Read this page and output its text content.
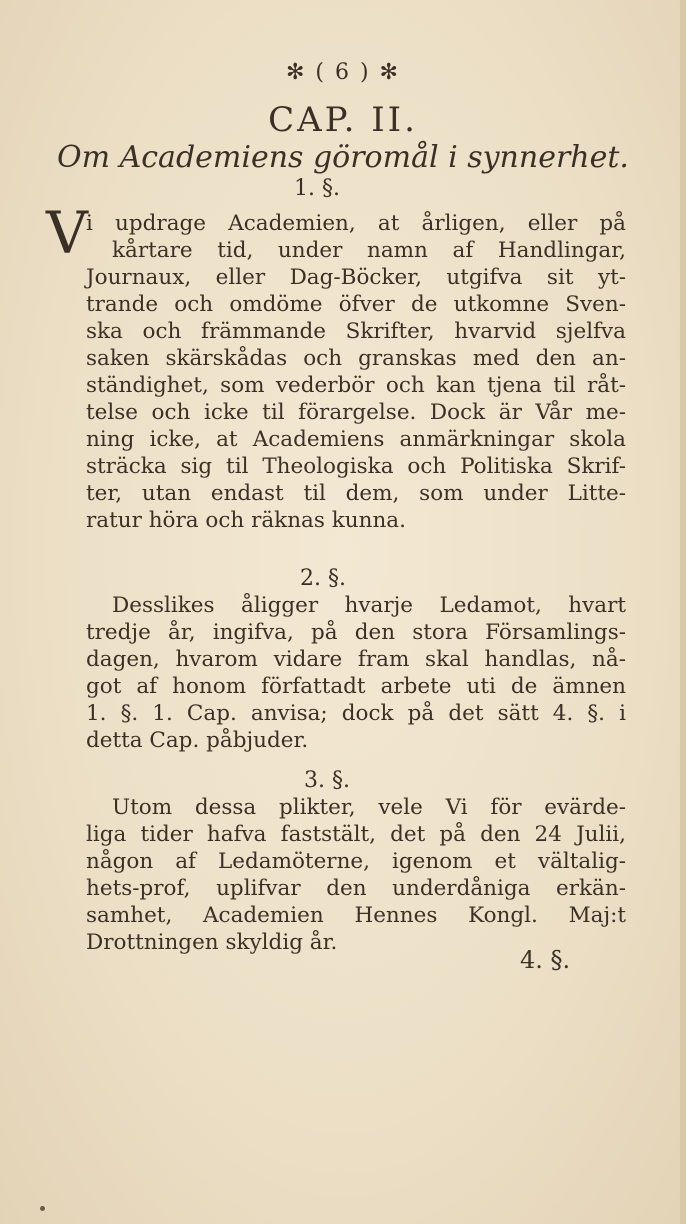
✻ ( 6 ) ✻
CAP. II.
Om Academiens göromål i synnerhet.
1. §.
V
i updrage Academien, at årligen, eller på
kårtare tid, under namn af Handlingar,
Journaux, eller Dag-Böcker, utgifva sit yt-
trande och omdöme öfver de utkomne Sven-
ska och främmande Skrifter, hvarvid sjelfva
saken skärskådas och granskas med den an-
ständighet, som vederbör och kan tjena til råt-
telse och icke til förargelse. Dock är Vår me-
ning icke, at Academiens anmärkningar skola
sträcka sig til Theologiska och Politiska Skrif-
ter, utan endast til dem, som under Litte-
ratur höra och räknas kunna.
2. §.
Desslikes åligger hvarje Ledamot, hvart
tredje år, ingifva, på den stora Församlings-
dagen, hvarom vidare fram skal handlas, nå-
got af honom författadt arbete uti de ämnen
1. §. 1. Cap. anvisa; dock på det sätt 4. §. i
detta Cap. påbjuder.
3. §.
Utom dessa plikter, vele Vi för evärde-
liga tider hafva faststält, det på den 24 Julii,
någon af Ledamöterne, igenom et vältalig-
hets-prof, uplifvar den underdåniga erkän-
samhet, Academien Hennes Kongl. Maj:t
Drottningen skyldig år.
4. §.
